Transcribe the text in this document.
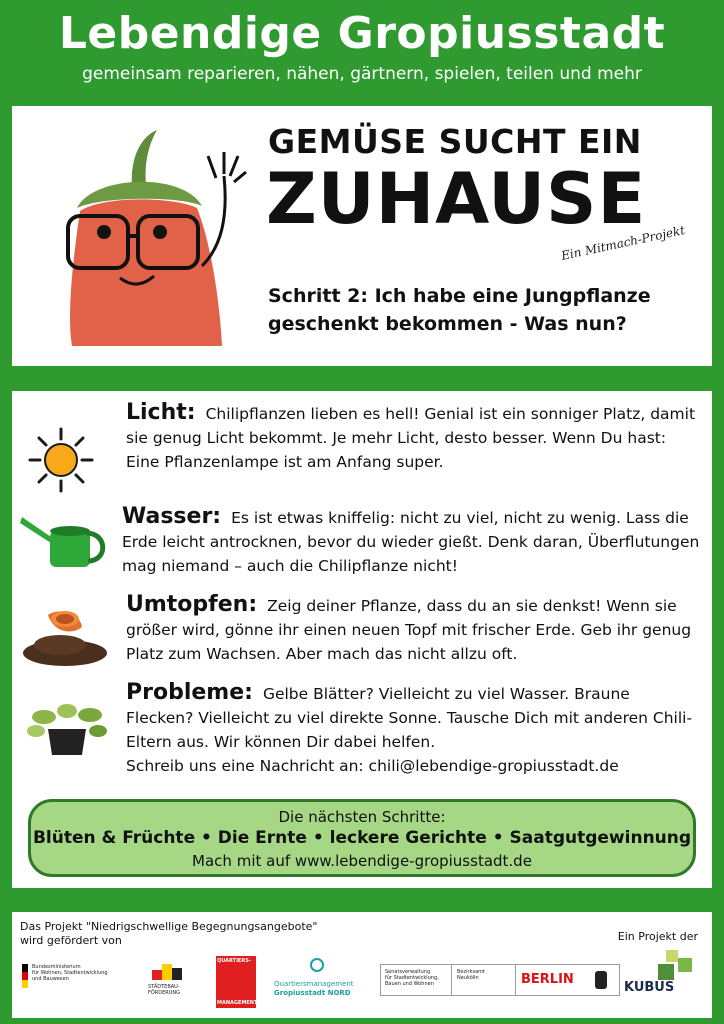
Lebendige Gropiusstadt
gemeinsam reparieren, nähen, gärtnern, spielen, teilen und mehr
GEMÜSE SUCHT EIN
ZUHAUSE
Ein Mitmach-Projekt
Schritt 2: Ich habe eine Jungpflanze geschenkt bekommen - Was nun?
Licht: Chilipflanzen lieben es hell! Genial ist ein sonniger Platz, damit sie genug Licht bekommt. Je mehr Licht, desto besser. Wenn Du hast: Eine Pflanzenlampe ist am Anfang super.
Wasser: Es ist etwas kniffelig: nicht zu viel, nicht zu wenig. Lass die Erde leicht antrocknen, bevor du wieder gießt. Denk daran, Überflutungen mag niemand – auch die Chilipflanze nicht!
Umtopfen: Zeig deiner Pflanze, dass du an sie denkst! Wenn sie größer wird, gönne ihr einen neuen Topf mit frischer Erde. Geb ihr genug Platz zum Wachsen. Aber mach das nicht allzu oft.
Probleme: Gelbe Blätter? Vielleicht zu viel Wasser. Braune Flecken? Vielleicht zu viel direkte Sonne. Tausche Dich mit anderen Chili-Eltern aus. Wir können Dir dabei helfen.
Schreib uns eine Nachricht an: chili@lebendige-gropiusstadt.de
Die nächsten Schritte:
Blüten & Früchte • Die Ernte • leckere Gerichte • Saatgutgewinnung
Mach mit auf www.lebendige-gropiusstadt.de
Das Projekt "Niedrigschwellige Begegnungsangebote"
wird gefördert von	Ein Projekt der
Bundesministerium
für Wohnen, Stadtentwicklung
und Bauwesen
STÄDTEBAU-
FÖRDERUNG
QUARTIERS-
MANAGEMENT
Quartiersmanagement
Gropiusstadt NORD
Senatsverwaltung
für Stadtentwicklung,
Bauen und Wohnen
Bezirksamt
Neukölln	BERLIN
KUBUS
